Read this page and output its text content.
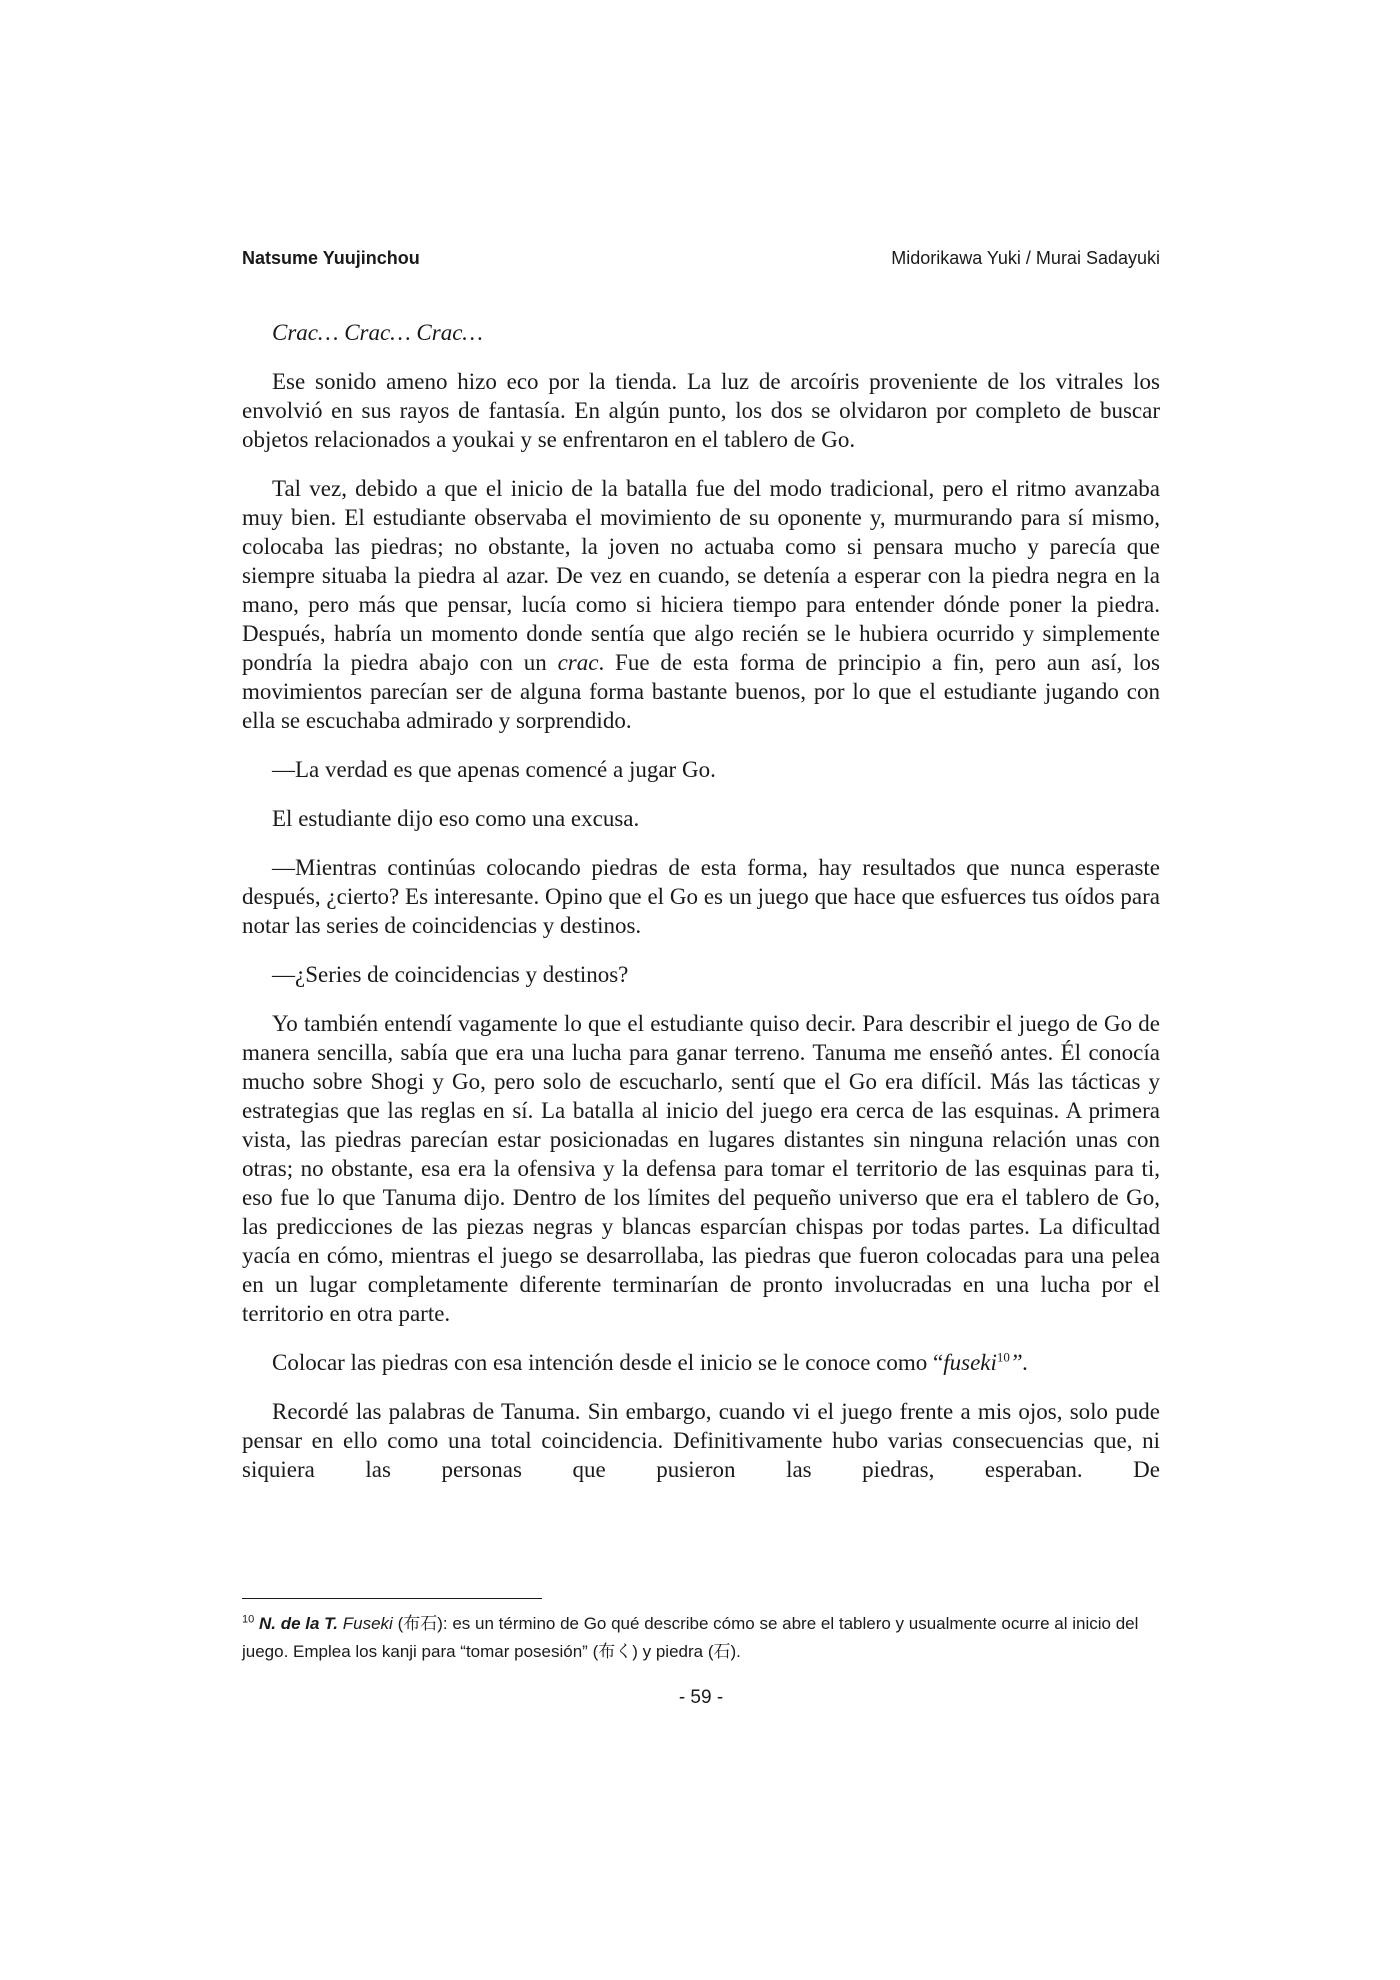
Natsume Yuujinchou	Midorikawa Yuki / Murai Sadayuki

Crac… Crac… Crac…

Ese sonido ameno hizo eco por la tienda. La luz de arcoíris proveniente de los vitrales los envolvió en sus rayos de fantasía. En algún punto, los dos se olvidaron por completo de buscar objetos relacionados a youkai y se enfrentaron en el tablero de Go.

Tal vez, debido a que el inicio de la batalla fue del modo tradicional, pero el ritmo avanzaba muy bien. El estudiante observaba el movimiento de su oponente y, murmurando para sí mismo, colocaba las piedras; no obstante, la joven no actuaba como si pensara mucho y parecía que siempre situaba la piedra al azar. De vez en cuando, se detenía a esperar con la piedra negra en la mano, pero más que pensar, lucía como si hiciera tiempo para entender dónde poner la piedra. Después, habría un momento donde sentía que algo recién se le hubiera ocurrido y simplemente pondría la piedra abajo con un crac. Fue de esta forma de principio a fin, pero aun así, los movimientos parecían ser de alguna forma bastante buenos, por lo que el estudiante jugando con ella se escuchaba admirado y sorprendido.

—La verdad es que apenas comencé a jugar Go.

El estudiante dijo eso como una excusa.

—Mientras continúas colocando piedras de esta forma, hay resultados que nunca esperaste después, ¿cierto? Es interesante. Opino que el Go es un juego que hace que esfuerces tus oídos para notar las series de coincidencias y destinos.

—¿Series de coincidencias y destinos?

Yo también entendí vagamente lo que el estudiante quiso decir. Para describir el juego de Go de manera sencilla, sabía que era una lucha para ganar terreno. Tanuma me enseñó antes. Él conocía mucho sobre Shogi y Go, pero solo de escucharlo, sentí que el Go era difícil. Más las tácticas y estrategias que las reglas en sí. La batalla al inicio del juego era cerca de las esquinas. A primera vista, las piedras parecían estar posicionadas en lugares distantes sin ninguna relación unas con otras; no obstante, esa era la ofensiva y la defensa para tomar el territorio de las esquinas para ti, eso fue lo que Tanuma dijo. Dentro de los límites del pequeño universo que era el tablero de Go, las predicciones de las piezas negras y blancas esparcían chispas por todas partes. La dificultad yacía en cómo, mientras el juego se desarrollaba, las piedras que fueron colocadas para una pelea en un lugar completamente diferente terminarían de pronto involucradas en una lucha por el territorio en otra parte.

Colocar las piedras con esa intención desde el inicio se le conoce como “fuseki$^{10}$”.

Recordé las palabras de Tanuma. Sin embargo, cuando vi el juego frente a mis ojos, solo pude pensar en ello como una total coincidencia. Definitivamente hubo varias consecuencias que, ni siquiera las personas que pusieron las piedras, esperaban. De

$^{10}$ N. de la T. Fuseki (布石): es un término de Go qué describe cómo se abre el tablero y usualmente ocurre al inicio del juego. Emplea los kanji para “tomar posesión” (布く) y piedra (石).
- 59 -
